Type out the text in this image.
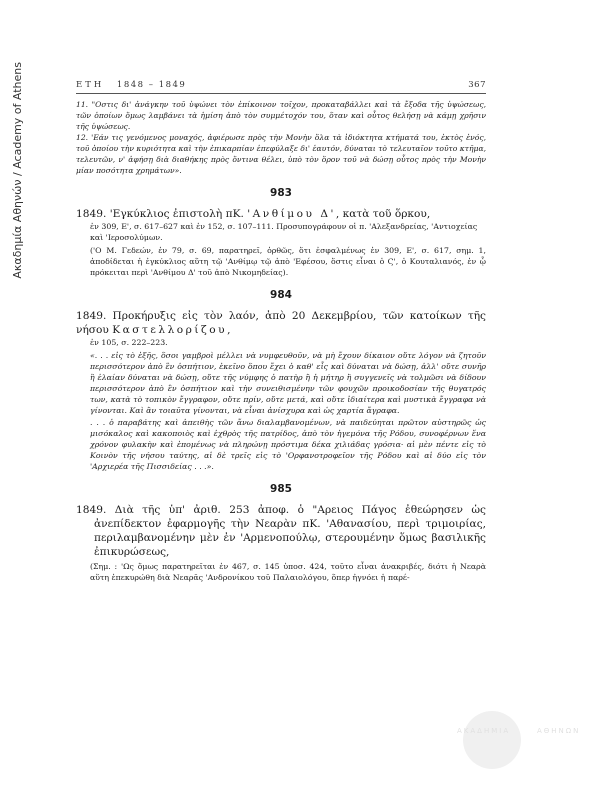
Ακαδημία Αθηνών / Academy of Athens	ΕΤΗ 1848 – 1849	367

11. "Οστις δι' ἀνάγκην τοῦ ὑψώνει τὸν ἐπίκοινον τοῖχον, προκαταβάλλει καὶ τὰ ἔξοδα τῆς ὑψώσεως, τῶν ὁποίων ὅμως λαμβάνει τὰ ἡμίση ἀπὸ τὸν συμμέτοχόν του, ὅταν καὶ οὗτος θελήσῃ νὰ κάμῃ χρῆσιν τῆς ὑψώσεως.

12. 'Εάν τις γενόμενος μοναχός, ἀφιέρωσε πρὸς τὴν Μονὴν ὅλα τὰ ἰδιόκτητα κτήματά του, ἐκτὸς ἑνός, τοῦ ὁποίου τὴν κυριότητα καὶ τὴν ἐπικαρπίαν ἐπεφύλαξε δι' ἑαυτόν, δύναται τὸ τελευταῖον τοῦτο κτῆμα, τελευτῶν, ν' ἀφήσῃ διὰ διαθήκης πρὸς ὅντινα θέλει, ὑπὸ τὸν ὅρον τοῦ νὰ δώσῃ οὗτος πρὸς τὴν Μονὴν μίαν ποσότητα χρημάτων».

983

1849. 'Εγκύκλιος ἐπιστολὴ πΚ. 'Ανθίμου Δ', κατὰ τοῦ ὅρκου,

ἐν 309, Ε', σ. 617–627 καὶ ἐν 152, σ. 107–111. Προσυπογράφουν οἱ π. 'Αλεξανδρείας, 'Αντιοχείας καὶ 'Ιεροσολύμων.

('Ο Μ. Γεδεών, ἐν 79, σ. 69, παρατηρεῖ, ὀρθῶς, ὅτι ἐσφαλμένως ἐν 309, Ε', σ. 617, σημ. 1, ἀποδίδεται ἡ ἐγκύκλιος αὕτη τῷ 'Ανθίμῳ τῷ ἀπὸ 'Εφέσου, ὅστις εἶναι ὁ Ϛ', ὁ Κουταλιανός, ἐν ᾧ πρόκειται περὶ 'Ανθίμου Δ' τοῦ ἀπὸ Νικομηδείας).

984

1849. Προκήρυξις εἰς τὸν λαόν, ἀπὸ 20 Δεκεμβρίου, τῶν κατοίκων τῆς νήσου Καστελλορίζου,

ἐν 105, σ. 222–223.

«. . . εἰς τὸ ἑξῆς, ὅσοι γαμβροὶ μέλλει νὰ νυμφευθοῦν, νὰ μὴ ἔχουν δίκαιον οὔτε λόγον νὰ ζητοῦν περισσότερον ἀπὸ ἓν ὀσπήτιον, ἐκεῖνο ὅπου ἔχει ὁ καθ' εἷς καὶ δύναται νὰ δώσῃ, ἀλλ' οὔτε συνῆρ ἢ ἐλαίαν δύναται νὰ δώσῃ, οὔτε τῆς νύμφης ὁ πατὴρ ἢ ἡ μήτηρ ἢ συγγενεῖς νὰ τολμῶσι νὰ δίδουν περισσότερον ἀπὸ ἓν ὀσπήτιον καὶ τὴν συνειθισμένην τῶν φουχῶν προικοδοσίαν τῆς θυγατρός των, κατὰ τὸ τοπικὸν ἔγγραφον, οὔτε πρίν, οὔτε μετά, καὶ οὔτε ἰδιαίτερα καὶ μυστικὰ ἔγγραφα νὰ γίνονται. Καὶ ἂν τοιαῦτα γίνονται, νὰ εἶναι ἀνίσχυρα καὶ ὡς χαρτία ἄγραφα.

. . . ὁ παραβάτης καὶ ἀπειθὴς τῶν ἄνω διαλαμβανομένων, νὰ παιδεύηται πρῶτον αὐστηρῶς ὡς μισόκαλος καὶ κακοποιὸς καὶ ἐχθρὸς τῆς πατρίδος, ἀπὸ τὸν ἡγεμόνα τῆς Ρόδου, συνοφέρνων ἕνα χρόνον φυλακὴν καὶ ἑπομένως νὰ πληρώνῃ πρόστιμα δέκα χιλιάδας γρόσια· αἱ μὲν πέντε εἰς τὸ Κοινὸν τῆς νήσου ταύτης, αἱ δὲ τρεῖς εἰς τὸ 'Ορφανοτροφεῖον τῆς Ρόδου καὶ αἱ δύο εἰς τὸν 'Αρχιερέα τῆς Πισσιδείας . . .».

985

1849. Διὰ τῆς ὑπ' ἀριθ. 253 ἀποφ. ὁ "Αρειος Πάγος ἐθεώρησεν ὡς ἀνεπίδεκτον ἐφαρμογῆς τὴν Νεαρὰν πΚ. 'Αθανασίου, περὶ τριμοιρίας, περιλαμβανομένην μὲν ἐν 'Αρμενοπούλῳ, στερουμένην ὅμως βασιλικῆς ἐπικυρώσεως,

(Σημ. : 'Ως ὅμως παρατηρεῖται ἐν 467, σ. 145 ὑποσ. 424, τοῦτο εἶναι ἀνακριβές, διότι ἡ Νεαρὰ αὕτη ἐπεκυρώθη διὰ Νεαρᾶς 'Ανδρονίκου τοῦ Παλαιολόγου, ὅπερ ἠγνόει ἡ παρέ-

ΑΚΑΔΗΜΙΑ	ΑΘΗΝΩΝ
